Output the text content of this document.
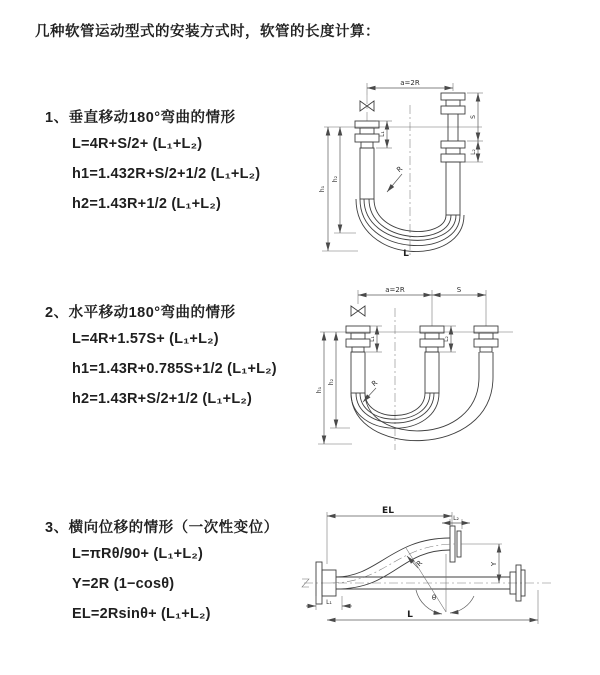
几种软管运动型式的安装方式时，软管的长度计算：
1、垂直移动180°弯曲的情形
L=4R+S/2+ (L₁+L₂)
h1=1.432R+S/2+1/2 (L₁+L₂)
h2=1.43R+1/2 (L₁+L₂)
a=2R
h₁
h₂
L₁
S
L₂
R
L
2、水平移动180°弯曲的情形
L=4R+1.57S+ (L₁+L₂)
h1=1.43R+0.785S+1/2 (L₁+L₂)
h2=1.43R+S/2+1/2 (L₁+L₂)
a=2R	S
h₁
h₂
L₁	L₂
R
3、横向位移的情形（一次性变位）
L=πRθ/90+ (L₁+L₂)
Y=2R (1−cosθ)
EL=2Rsinθ+ (L₁+L₂)
EL
L₂
Y
θ
R
L
L₁
